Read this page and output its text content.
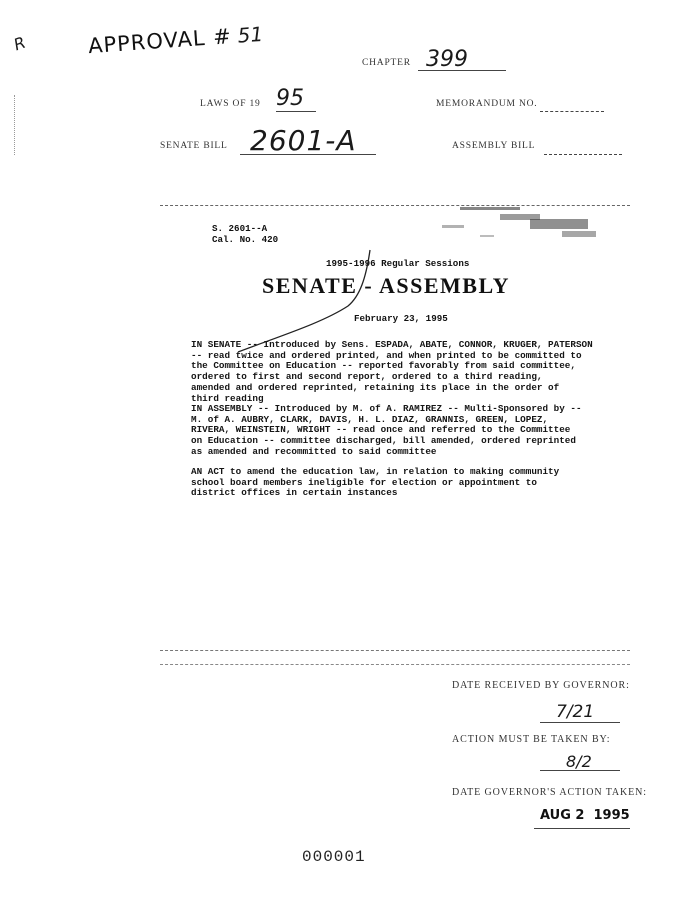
R	APPROVAL # 51
CHAPTER 399
LAWS OF 19 95	MEMORANDUM NO.
SENATE BILL 2601-A	ASSEMBLY BILL
S. 2601--A
Cal. No. 420
1995-1996 Regular Sessions
SENATE - ASSEMBLY
February 23, 1995
IN SENATE -- Introduced by Sens. ESPADA, ABATE, CONNOR, KRUGER, PATERSON
-- read twice and ordered printed, and when printed to be committed to
the Committee on Education -- reported favorably from said committee,
ordered to first and second report, ordered to a third reading,
amended and ordered reprinted, retaining its place in the order of
third reading
IN ASSEMBLY -- Introduced by M. of A. RAMIREZ -- Multi-Sponsored by --
M. of A. AUBRY, CLARK, DAVIS, H. L. DIAZ, GRANNIS, GREEN, LOPEZ,
RIVERA, WEINSTEIN, WRIGHT -- read once and referred to the Committee
on Education -- committee discharged, bill amended, ordered reprinted
as amended and recommitted to said committee
AN ACT to amend the education law, in relation to making community
school board members ineligible for election or appointment to
district offices in certain instances
DATE RECEIVED BY GOVERNOR:
7/21
ACTION MUST BE TAKEN BY:
8/2
DATE GOVERNOR'S ACTION TAKEN:
AUG 2  1995
000001
